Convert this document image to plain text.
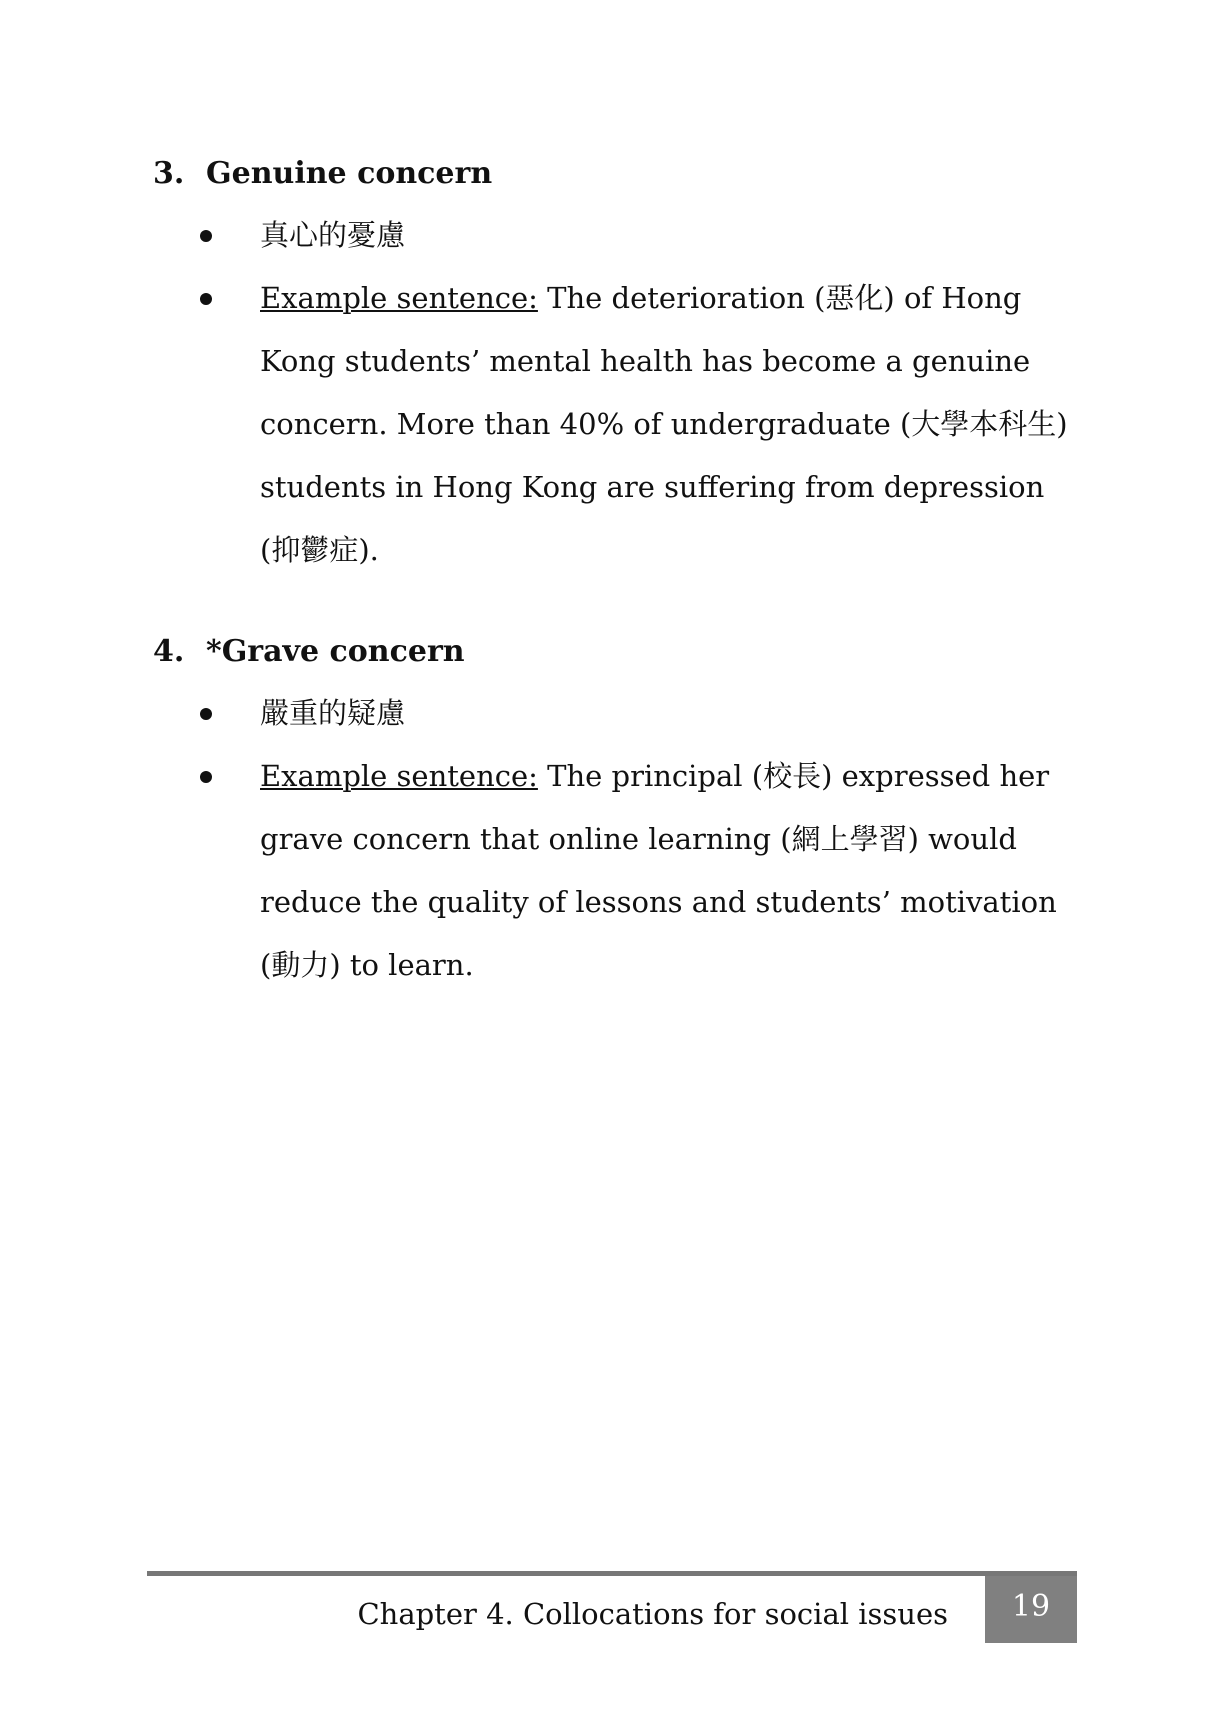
3. Genuine concern
真心的憂慮
Example sentence: The deterioration (惡化) of Hong Kong students’ mental health has become a genuine concern. More than 40% of undergraduate (大學本科生) students in Hong Kong are suffering from depression (抑鬱症).
4. *Grave concern
嚴重的疑慮
Example sentence: The principal (校長) expressed her grave concern that online learning (網上學習) would reduce the quality of lessons and students’ motivation (動力) to learn.
Chapter 4. Collocations for social issues	19
